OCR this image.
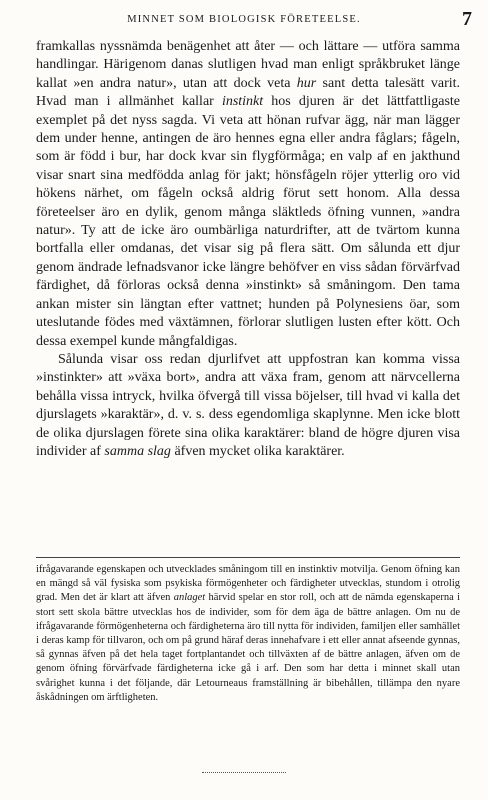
MINNET SOM BIOLOGISK FÖRETEELSE.	7

framkallas nyssnämda benägenhet att åter — och lättare — utföra samma handlingar. Härigenom danas slutligen hvad man enligt språkbruket länge kallat »en andra natur», utan att dock veta hur sant detta talesätt varit. Hvad man i allmänhet kallar instinkt hos djuren är det lättfattligaste exemplet på det nyss sagda. Vi veta att hönan rufvar ägg, när man lägger dem under henne, antingen de äro hennes egna eller andra fåglars; fågeln, som är född i bur, har dock kvar sin flygförmåga; en valp af en jakthund visar snart sina medfödda anlag för jakt; hönsfågeln röjer ytterlig oro vid hökens närhet, om fågeln också aldrig förut sett honom. Alla dessa företeelser äro en dylik, genom många släktleds öfning vunnen, »andra natur». Ty att de icke äro oumbärliga naturdrifter, att de tvärtom kunna bortfalla eller omdanas, det visar sig på flera sätt. Om sålunda ett djur genom ändrade lefnadsvanor icke längre behöfver en viss sådan förvärfvad färdighet, då förloras också denna »instinkt» så småningom. Den tama ankan mister sin längtan efter vattnet; hunden på Polynesiens öar, som uteslutande födes med växtämnen, förlorar slutligen lusten efter kött. Och dessa exempel kunde mångfaldigas.

Sålunda visar oss redan djurlifvet att uppfostran kan komma vissa »instinkter» att »växa bort», andra att växa fram, genom att närvcellerna behålla vissa intryck, hvilka öfvergå till vissa böjelser, till hvad vi kalla det djurslagets »karaktär», d. v. s. dess egendomliga skaplynne. Men icke blott de olika djurslagen förete sina olika karaktärer: bland de högre djuren visa individer af samma slag äfven mycket olika karaktärer.

ifrågavarande egenskapen och utvecklades småningom till en instinktiv motvilja. Genom öfning kan en mängd så väl fysiska som psykiska förmögenheter och färdigheter utvecklas, stundom i otrolig grad. Men det är klart att äfven anlaget härvid spelar en stor roll, och att de nämda egenskaperna i stort sett skola bättre utvecklas hos de individer, som för dem äga de bättre anlagen. Om nu de ifrågavarande förmögenheterna och färdigheterna äro till nytta för individen, familjen eller samhället i deras kamp för tillvaron, och om på grund häraf deras innehafvare i ett eller annat afseende gynnas, så gynnas äfven på det hela taget fortplantandet och tillväxten af de bättre anlagen, äfven om de genom öfning förvärfvade färdigheterna icke gå i arf. Den som har detta i minnet skall utan svårighet kunna i det följande, där Letourneaus framställning är bibehållen, tillämpa den nyare åskådningen om ärftligheten.
